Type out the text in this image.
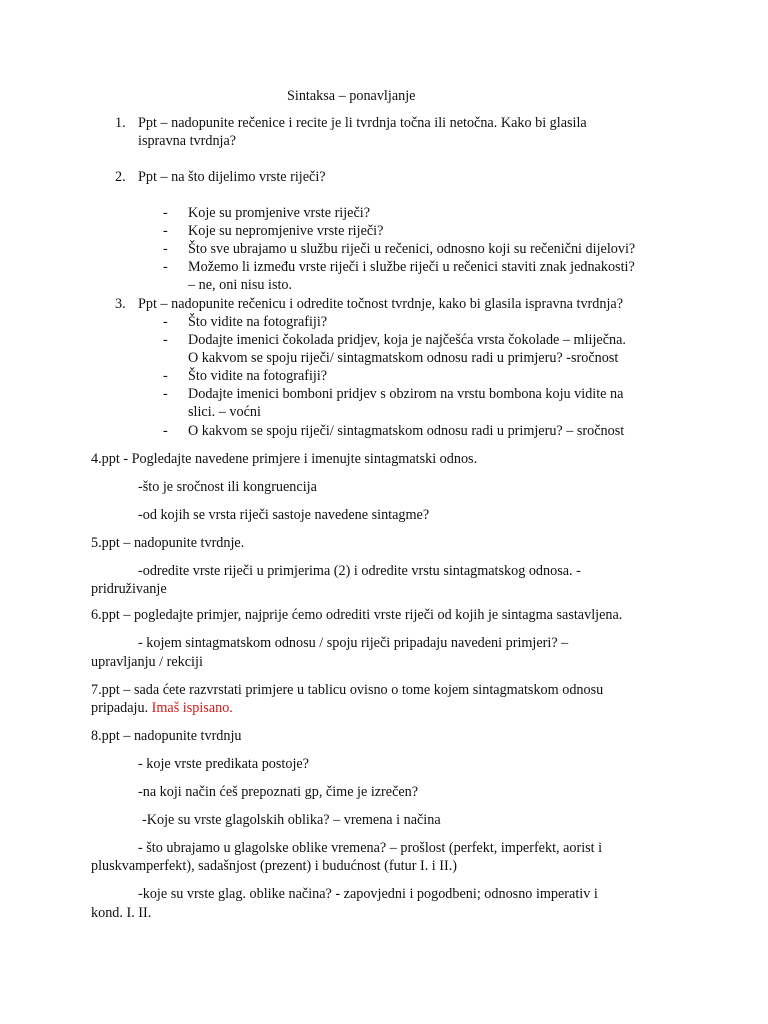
Sintaksa – ponavljanje
1. Ppt – nadopunite rečenice i recite je li tvrdnja točna ili netočna. Kako bi glasila
ispravna tvrdnja?
2. Ppt – na što dijelimo vrste riječi?
- Koje su promjenive vrste riječi?
- Koje su nepromjenive vrste riječi?
- Što sve ubrajamo u službu riječi u rečenici, odnosno koji su rečenični dijelovi?
- Možemo li između vrste riječi i službe riječi u rečenici staviti znak jednakosti?
– ne, oni nisu isto.
3. Ppt – nadopunite rečenicu i odredite točnost tvrdnje, kako bi glasila ispravna tvrdnja?
- Što vidite na fotografiji?
- Dodajte imenici čokolada pridjev, koja je najčešća vrsta čokolade – mliječna.
O kakvom se spoju riječi/ sintagmatskom odnosu radi u primjeru? -sročnost
- Što vidite na fotografiji?
- Dodajte imenici bomboni pridjev s obzirom na vrstu bombona koju vidite na
slici. – voćni
- O kakvom se spoju riječi/ sintagmatskom odnosu radi u primjeru? – sročnost
4.ppt - Pogledajte navedene primjere i imenujte sintagmatski odnos.
-što je sročnost ili kongruencija
-od kojih se vrsta riječi sastoje navedene sintagme?
5.ppt – nadopunite tvrdnje.
-odredite vrste riječi u primjerima (2) i odredite vrstu sintagmatskog odnosa. -
pridruživanje
6.ppt – pogledajte primjer, najprije ćemo odrediti vrste riječi od kojih je sintagma sastavljena.
- kojem sintagmatskom odnosu / spoju riječi pripadaju navedeni primjeri? –
upravljanju / rekciji
7.ppt – sada ćete razvrstati primjere u tablicu ovisno o tome kojem sintagmatskom odnosu
pripadaju. Imaš ispisano.
8.ppt – nadopunite tvrdnju
- koje vrste predikata postoje?
-na koji način ćeš prepoznati gp, čime je izrečen?
-Koje su vrste glagolskih oblika? – vremena i načina
- što ubrajamo u glagolske oblike vremena? – prošlost (perfekt, imperfekt, aorist i
pluskvamperfekt), sadašnjost (prezent) i budućnost (futur I. i II.)
-koje su vrste glag. oblike načina? - zapovjedni i pogodbeni; odnosno imperativ i
kond. I. II.
